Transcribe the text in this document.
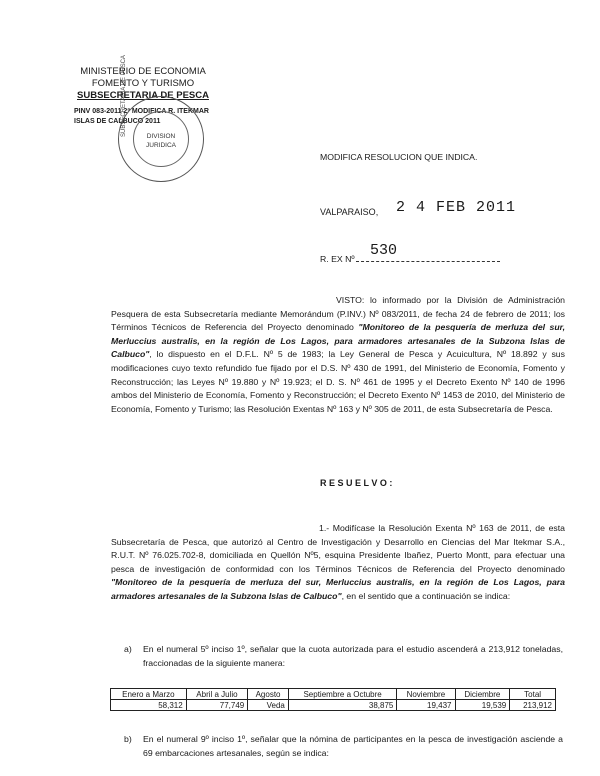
MINISTERIO DE ECONOMIA
FOMENTO Y TURISMO
SUBSECRETARIA DE PESCA
PINV 083-2011 2ª MODIFICA R. ITEKMAR
ISLAS DE CALBUCO 2011
SUBSECRETARIA DE PESCA	DIVISION
JURIDICA
MODIFICA RESOLUCION QUE INDICA.
VALPARAISO, 2 4 FEB 2011
R. EX Nº 530
VISTO: lo informado por la División de Administración Pesquera de esta Subsecretaría mediante Memorándum (P.INV.) Nº 083/2011, de fecha 24 de febrero de 2011; los Términos Técnicos de Referencia del Proyecto denominado "Monitoreo de la pesquería de merluza del sur, Merluccius australis, en la región de Los Lagos, para armadores artesanales de la Subzona Islas de Calbuco", lo dispuesto en el D.F.L. Nº 5 de 1983; la Ley General de Pesca y Acuicultura, Nº 18.892 y sus modificaciones cuyo texto refundido fue fijado por el D.S. Nº 430 de 1991, del Ministerio de Economía, Fomento y Reconstrucción; las Leyes Nº 19.880 y Nº 19.923; el D. S. Nº 461 de 1995 y el Decreto Exento Nº 140 de 1996 ambos del Ministerio de Economía, Fomento y Reconstrucción; el Decreto Exento Nº 1453 de 2010, del Ministerio de Economía, Fomento y Turismo; las Resolución Exentas Nº 163 y Nº 305 de 2011, de esta Subsecretaría de Pesca.
R E S U E L V O :
1.- Modifícase la Resolución Exenta Nº 163 de 2011, de esta Subsecretaría de Pesca, que autorizó al Centro de Investigación y Desarrollo en Ciencias del Mar Itekmar S.A., R.U.T. Nº 76.025.702-8, domiciliada en Quellón Nº5, esquina Presidente Ibañez, Puerto Montt, para efectuar una pesca de investigación de conformidad con los Términos Técnicos de Referencia del Proyecto denominado "Monitoreo de la pesquería de merluza del sur, Merluccius australis, en la región de Los Lagos, para armadores artesanales de la Subzona Islas de Calbuco", en el sentido que a continuación se indica:
a) En el numeral 5º inciso 1º, señalar que la cuota autorizada para el estudio ascenderá a 213,912 toneladas, fraccionadas de la siguiente manera:
Enero a Marzo	Abril a Julio	Agosto	Septiembre a Octubre	Noviembre	Diciembre	Total
58,312	77,749	Veda	38,875	19,437	19,539	213,912
b) En el numeral 9º inciso 1º, señalar que la nómina de participantes en la pesca de investigación asciende a 69 embarcaciones artesanales, según se indica:
